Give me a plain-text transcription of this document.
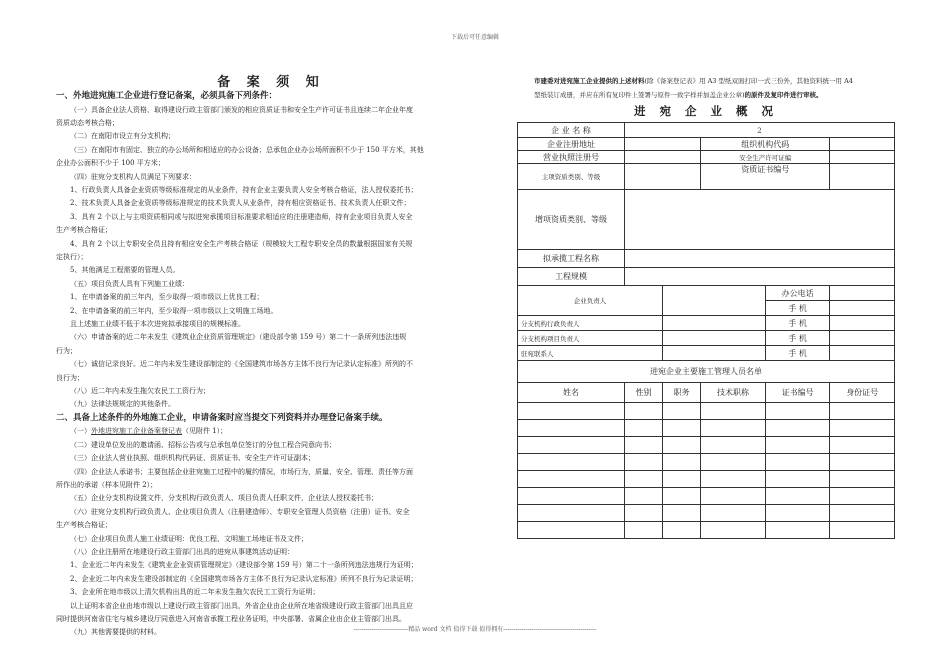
下载后可任意编辑
备 案 须 知
一、外地进宛施工企业进行登记备案，必须具备下列条件：
（一）具备企业法人资格、取得建设行政主管部门颁发的相应资质证书和安全生产许可证书且连续二年企业年度
资质动态考核合格；
（二）在南阳市设立有分支机构；
（三）在南阳市有固定、独立的办公场所和相适应的办公设备；总承包企业办公场所面积不少于 150 平方米，其他
企业办公面积不少于 100 平方米；
（四）驻宛分支机构人员满足下列要求：
1、行政负责人具备企业资质等级标准规定的从业条件，持有企业主要负责人安全考核合格证，法人授权委托书；
2、技术负责人具备企业资质等级标准规定的技术负责人从业条件，持有相应资格证书、技术负责人任职文件；
3、具有 2 个以上与主项资质相同或与拟进宛承揽项目标准要求相适应的注册建造师，持有企业项目负责人安全
生产考核合格证；
4、具有 2 个以上专职安全员且持有相应安全生产考核合格证（规模较大工程专职安全员的数量根据国家有关规
定执行）；
5、其他满足工程需要的管理人员。
（五）项目负责人具有下列施工业绩：
1、在申请备案的前三年内，至少取得一项市级以上优良工程；
2、在申请备案的前三年内，至少取得一项市级以上文明施工场地。
且上述施工业绩不低于本次进宛拟承接项目的规模标准。
（六）申请备案的近二年未发生《建筑业企业资质管理规定》（建设部令第 159 号）第二十一条所列违法违规
行为；
（七）诚信记录良好。近二年内未发生建设部制定的《全国建筑市场各方主体不良行为记录认定标准》所列的不
良行为；
（八）近二年内未发生拖欠农民工工资行为；
（九）法律法规规定的其他条件。
二、具备上述条件的外地施工企业，申请备案时应当提交下列资料并办理登记备案手续。
（一）外地进宛施工企业备案登记表（见附件 1）；
（二）建设单位发出的邀请函、招标公告或与总承包单位签订的分包工程合同意向书；
（三）企业法人营业执照、组织机构代码证、资质证书、安全生产许可证副本；
（四）企业法人承诺书；主要包括企业驻宛施工过程中的履约情况，市场行为，质量、安全、管理、责任等方面
所作出的承诺（样本见附件 2）；
（五）企业分支机构设置文件，分支机构行政负责人、项目负责人任职文件，企业法人授权委托书；
（六）驻宛分支机构行政负责人、企业项目负责人（注册建造师）、专职安全管理人员资格（注册）证书、安全
生产考核合格证；
（七）企业项目负责人施工业绩证明：优良工程、文明施工场地证书及文件；
（八）企业注册所在地建设行政主管部门出具的进宛从事建筑活动证明：
1、企业近二年内未发生《建筑业企业资质管理规定》（建设部令第 159 号）第二十一条所列违法违规行为证明；
2、企业近二年内未发生建设部制定的《全国建筑市场各方主体不良行为记录认定标准》所列不良行为记录证明；
3、企业所在地市级以上清欠机构出具的近二年未发生拖欠农民工工资行为证明；
以上证明本省企业由地市级以上建设行政主管部门出具，外省企业由企业所在地省级建设行政主管部门出具且应
同时提供河南省住宅与城乡建设厅同意进入河南省承揽工程业务证明，中央部署、省属企业由企业主管部门出具。
（九）其他需要提供的材料。
市建委对进宛施工企业提供的上述材料(除《备案登记表》用 A3 型纸双面打印一式三份外，其他资料统一用 A4
型纸装订成册，并应在所有复印件上签署与原件一致字样并加盖企业公章)的原件及复印件进行审核。
进 宛 企 业 概 况
企 业 名 称	2				
企业注册地址			组织机构代码		
营业执照注册号			安全生产许可证编		
主项资质类别、等级			资质证书编号		
增项资质类别、等级					
拟承揽工程名称					
工程规模					
企业负责人				办公电话	
				手 机	
分支机构行政负责人				手 机	
分支机构项目负责人				手 机	
驻宛联系人				手 机	
进宛企业主要施工管理人员名单					
姓名	性别	职务	技术职称	证书编号	身份证号

---------------------------精品 word 文档 值得下载 值得拥有----------------------------------------------
